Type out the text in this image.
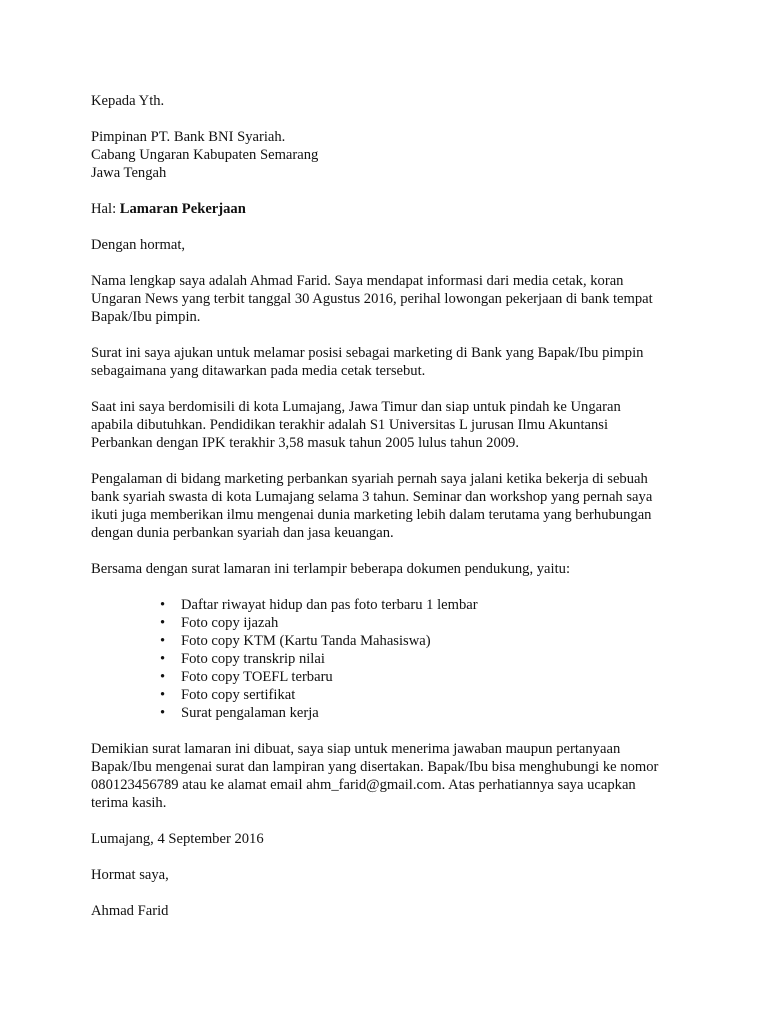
Kepada Yth.

Pimpinan PT. Bank BNI Syariah.

Cabang Ungaran Kabupaten Semarang

Jawa Tengah

Hal: Lamaran Pekerjaan

Dengan hormat,

Nama lengkap saya adalah Ahmad Farid. Saya mendapat informasi dari media cetak, koran

Ungaran News yang terbit tanggal 30 Agustus 2016, perihal lowongan pekerjaan di bank tempat

Bapak/Ibu pimpin.

Surat ini saya ajukan untuk melamar posisi sebagai marketing di Bank yang Bapak/Ibu pimpin

sebagaimana yang ditawarkan pada media cetak tersebut.

Saat ini saya berdomisili di kota Lumajang, Jawa Timur dan siap untuk pindah ke Ungaran

apabila dibutuhkan. Pendidikan terakhir adalah S1 Universitas L jurusan Ilmu Akuntansi

Perbankan dengan IPK terakhir 3,58 masuk tahun 2005 lulus tahun 2009.

Pengalaman di bidang marketing perbankan syariah pernah saya jalani ketika bekerja di sebuah

bank syariah swasta di kota Lumajang selama 3 tahun. Seminar dan workshop yang pernah saya

ikuti juga memberikan ilmu mengenai dunia marketing lebih dalam terutama yang berhubungan

dengan dunia perbankan syariah dan jasa keuangan.

Bersama dengan surat lamaran ini terlampir beberapa dokumen pendukung, yaitu:

• Daftar riwayat hidup dan pas foto terbaru 1 lembar
• Foto copy ijazah
• Foto copy KTM (Kartu Tanda Mahasiswa)
• Foto copy transkrip nilai
• Foto copy TOEFL terbaru
• Foto copy sertifikat
• Surat pengalaman kerja

Demikian surat lamaran ini dibuat, saya siap untuk menerima jawaban maupun pertanyaan

Bapak/Ibu mengenai surat dan lampiran yang disertakan. Bapak/Ibu bisa menghubungi ke nomor

080123456789 atau ke alamat email ahm_farid@gmail.com. Atas perhatiannya saya ucapkan

terima kasih.

Lumajang, 4 September 2016

Hormat saya,

Ahmad Farid
